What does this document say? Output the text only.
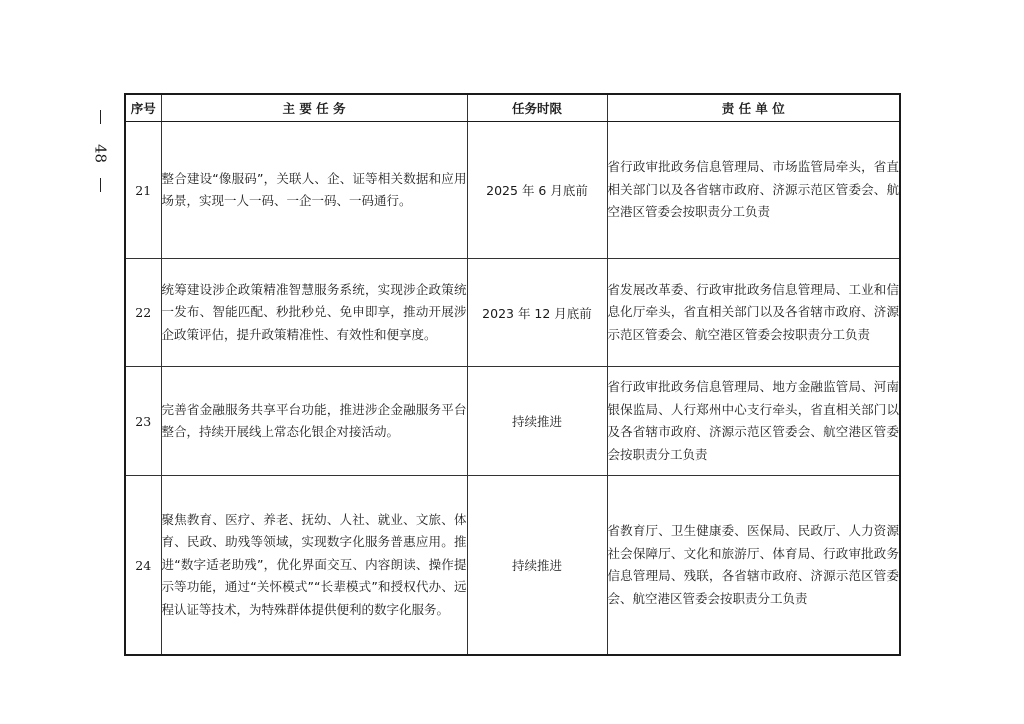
48
序号	主 要 任 务	任务时限	责 任 单 位
21	整合建设“像服码”，关联人、企、证等相关数据和应用场景，实现一人一码、一企一码、一码通行。	2025 年 6 月底前	省行政审批政务信息管理局、市场监管局牵头，省直相关部门以及各省辖市政府、济源示范区管委会、航空港区管委会按职责分工负责
22	统筹建设涉企政策精准智慧服务系统，实现涉企政策统一发布、智能匹配、秒批秒兑、免申即享，推动开展涉企政策评估，提升政策精准性、有效性和便享度。	2023 年 12 月底前	省发展改革委、行政审批政务信息管理局、工业和信息化厅牵头，省直相关部门以及各省辖市政府、济源示范区管委会、航空港区管委会按职责分工负责
23	完善省金融服务共享平台功能，推进涉企金融服务平台整合，持续开展线上常态化银企对接活动。	持续推进	省行政审批政务信息管理局、地方金融监管局、河南银保监局、人行郑州中心支行牵头，省直相关部门以及各省辖市政府、济源示范区管委会、航空港区管委会按职责分工负责
24	聚焦教育、医疗、养老、抚幼、人社、就业、文旅、体育、民政、助残等领域，实现数字化服务普惠应用。推进“数字适老助残”，优化界面交互、内容朗读、操作提示等功能，通过“关怀模式”“长辈模式”和授权代办、远程认证等技术，为特殊群体提供便利的数字化服务。	持续推进	省教育厅、卫生健康委、医保局、民政厅、人力资源社会保障厅、文化和旅游厅、体育局、行政审批政务信息管理局、残联，各省辖市政府、济源示范区管委会、航空港区管委会按职责分工负责
